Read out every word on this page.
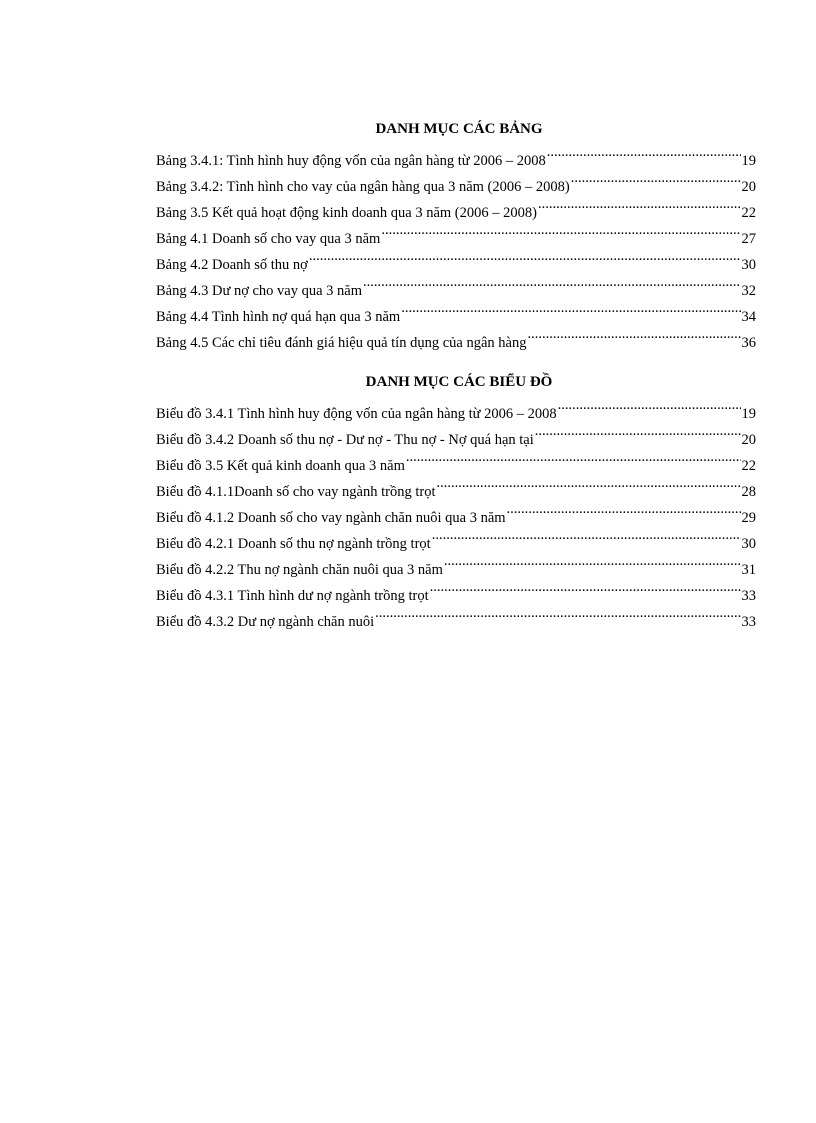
DANH MỤC CÁC BẢNG
Bảng 3.4.1: Tình hình huy động vốn của ngân hàng từ 2006 – 2008 .....	19
Bảng 3.4.2: Tình hình cho vay của ngân hàng qua 3 năm (2006 – 2008) .....	20
Bảng 3.5 Kết quả hoạt động kinh doanh qua 3 năm (2006 – 2008) .....	22
Bảng 4.1 Doanh số cho vay qua 3 năm .....	27
Bảng 4.2 Doanh số thu nợ .....	30
Bảng 4.3 Dư nợ cho vay qua 3 năm .....	32
Bảng 4.4 Tình hình nợ quá hạn qua 3 năm .....	34
Bảng 4.5 Các chỉ tiêu đánh giá hiệu quả tín dụng của ngân hàng .....	36
DANH MỤC CÁC BIỂU ĐỒ
Biểu đồ 3.4.1 Tình hình huy động vốn của ngân hàng từ 2006 – 2008 .....	19
Biểu đồ 3.4.2 Doanh số thu nợ - Dư nợ - Thu nợ - Nợ quá hạn tại .....	20
Biểu đồ 3.5 Kết quả kinh doanh qua 3 năm .....	22
Biểu đồ 4.1.1Doanh số cho vay ngành trồng trọt .....	28
Biểu đồ 4.1.2 Doanh số cho vay ngành chăn nuôi qua 3 năm .....	29
Biểu đồ 4.2.1 Doanh số thu nợ ngành trồng trọt .....	30
Biểu đồ 4.2.2 Thu nợ ngành chăn nuôi qua 3 năm .....	31
Biểu đồ 4.3.1 Tình hình dư nợ ngành trồng trọt .....	33
Biểu đồ 4.3.2 Dư nợ ngành chăn nuôi .....	33
